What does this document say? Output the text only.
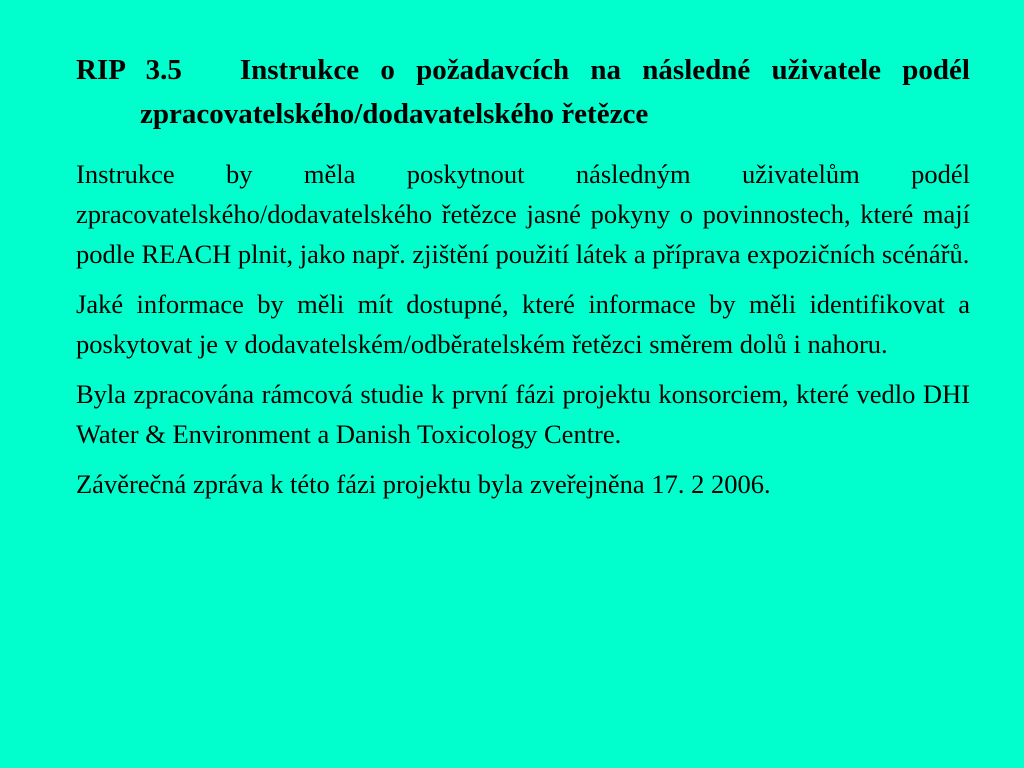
RIP 3.5  Instrukce o požadavcích na následné uživatele podél zpracovatelského/dodavatelského řetězce

Instrukce by měla poskytnout následným uživatelům podél zpracovatelského/dodavatelského řetězce jasné pokyny o povinnostech, které mají podle REACH plnit, jako např. zjištění použití látek a příprava expozičních scénářů.

Jaké informace by měli mít dostupné, které informace by měli identifikovat a poskytovat je v dodavatelském/odběratelském řetězci směrem dolů i nahoru.

Byla zpracována rámcová studie k první fázi projektu konsorciem, které vedlo DHI Water & Environment a Danish Toxicology Centre.

Závěrečná zpráva k této fázi projektu byla zveřejněna 17. 2 2006.
